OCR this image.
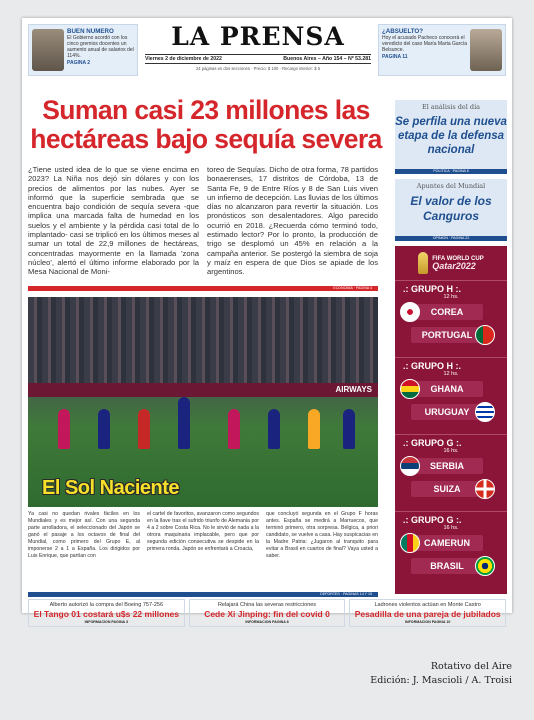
BUEN NUMERO
El Gobierno acordó con los cinco gremios docentes un aumento anual de salarios del 114%.
PAGINA 2
LA PRENSA
Viernes 2 de diciembre de 2022	Buenos Aires – Año 154 – Nº 53.281
24 páginas en dos secciones · Precio: $ 100 · Recargo interior: $ 5
¿ABSUELTO?
Hoy el acusado Pacheco conocerá el veredicto del caso María Marta García Belsunce.
PAGINA 11
Suman casi 23 millones las hectáreas bajo sequía severa
¿Tiene usted idea de lo que se viene encima en 2023? La Niña nos dejó sin dólares y con los precios de alimentos por las nubes. Ayer se informó que la superficie sembrada que se encuentra bajo condición de sequía severa -que implica una marcada falta de humedad en los suelos y el ambiente y la pérdida casi total de lo implantado- casi se triplicó en los últimos meses al sumar un total de 22,9 millones de hectáreas, concentradas mayormente en la llamada 'zona núcleo', alertó el último informe elaborado por la Mesa Nacional de Moni-
toreo de Sequías. Dicho de otra forma, 78 partidos bonaerenses, 17 distritos de Córdoba, 13 de Santa Fe, 9 de Entre Ríos y 8 de San Luis viven un infierno de decepción. Las lluvias de los últimos días no alcanzaron para revertir la situación. Los pronósticos son desalentadores. Algo parecido ocurrió en 2018. ¿Recuerda cómo terminó todo, estimado lector? Por lo pronto, la producción de trigo se desplomó un 45% en relación a la campaña anterior. Se postergó la siembra de soja y maíz en espera de que Dios se apiade de los argentinos.
ECONOMIA · PAGINA 4
El análisis del día
Se perfila una nueva etapa de la defensa nacional
POLITICA · PAGINA 6
Apuntes del Mundial
El valor de los Canguros
OPINION · PAGINA 22
FIFA WORLD CUP
Qatar2022
.: GRUPO H :.
12 hs.
COREA
PORTUGAL
.: GRUPO H :.
12 hs.
GHANA
URUGUAY
.: GRUPO G :.
16 hs.
SERBIA
SUIZA
.: GRUPO G :.
16 hs.
CAMERUN
BRASIL
AIRWAYS
El Sol Naciente
Ya casi no quedan rivales fáciles en los Mundiales y es mejor así. Con una segunda parte arrolladora, el seleccionado del Japón se ganó el pasaje a los octavos de final del Mundial, como primero del Grupo E, al imponerse 2 a 1 a España. Los dirigidos por Luis Enrique, que partían con
el cartel de favoritos, avanzaron como segundos en la llave tras el sufrido triunfo de Alemania por 4 a 2 sobre Costa Rica. No le sirvió de nada a la otrora maquinaria implacable, pero que por segunda edición consecutiva se despide en la primera ronda. Japón se enfrentará a Croacia,
que concluyó segunda en el Grupo F horas antes. España se medirá a Marruecos, que terminó primero, otra sorpresa. Bélgica, a priori candidato, se vuelve a casa. Hay suspicacias en la Madre Patria: ¿Jugaron al tranquito para evitar a Brasil en cuartos de final? Vaya usted a saber.
DEPORTES · PAGINAS 14 Y 15
Alberto autorizó la compra del Boeing 757-256
El Tango 01 costará u$s 22 millones
INFORMACION PAGINA 3
Relajará China las severas restricciones
Cede Xi Jinping: fin del covid 0
INFORMACION PAGINA 8
Ladrones violentos actúan en Monte Castro
Pesadilla de una pareja de jubilados
INFORMACION PAGINA 10
Rotativo del Aire
Edición: J. Mascioli / A. Troisi
